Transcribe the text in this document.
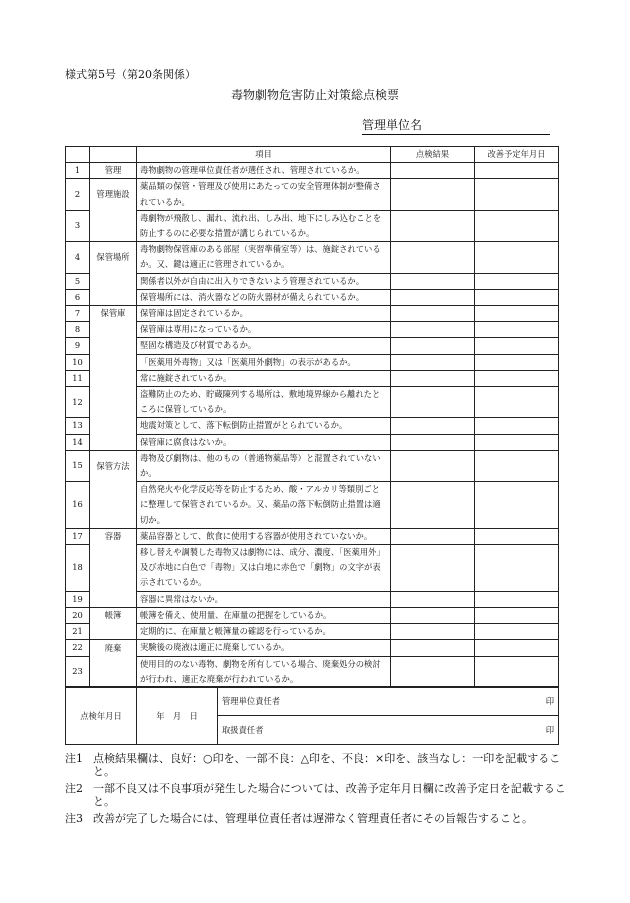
様式第5号（第20条関係）
毒物劇物危害防止対策総点検票
管理単位名
		項目	点検結果	改善予定年月日
1	管理	毒物劇物の管理単位責任者が選任され、管理されているか。		
2	管理施設	薬品類の保管・管理及び使用にあたっての安全管理体制が整備されているか。		
3		毒劇物が飛散し、漏れ、流れ出、しみ出、地下にしみ込むことを防止するのに必要な措置が講じられているか。		
4	保管場所	毒物劇物保管庫のある部屋（実習準備室等）は、施錠されているか。又、鍵は適正に管理されているか。		
5		関係者以外が自由に出入りできないよう管理されているか。		
6		保管場所には、消火器などの防火器材が備えられているか。		
7	保管庫	保管庫は固定されているか。		
8		保管庫は専用になっているか。		
9		堅固な構造及び材質であるか。		
10		「医薬用外毒物」又は「医薬用外劇物」の表示があるか。		
11		常に施錠されているか。		
12		盗難防止のため、貯蔵陳列する場所は、敷地境界線から離れたところに保管しているか。		
13		地震対策として、落下転倒防止措置がとられているか。		
14		保管庫に腐食はないか。		
15	保管方法	毒物及び劇物は、他のもの（普通物薬品等）と混置されていないか。		
16		自然発火や化学反応等を防止するため、酸・アルカリ等類別ごとに整理して保管されているか。又、薬品の落下転倒防止措置は適切か。		
17	容器	薬品容器として、飲食に使用する容器が使用されていないか。		
18		移し替えや調製した毒物又は劇物には、成分、濃度、「医薬用外」及び赤地に白色で「毒物」又は白地に赤色で「劇物」の文字が表示されているか。		
19		容器に異常はないか。		
20	帳簿	帳簿を備え、使用量、在庫量の把握をしているか。		
21		定期的に、在庫量と帳簿量の確認を行っているか。		
22	廃棄	実験後の廃液は適正に廃棄しているか。		
23		使用目的のない毒物、劇物を所有している場合、廃棄処分の検討が行われ、適正な廃棄が行われているか。		
点検年月日	年　月　日	
管理単位責任者	印

取扱責任者	印
注1 点検結果欄は、良好：○印を、一部不良：△印を、不良：×印を、該当なし：一印を記載すること。
注2 一部不良又は不良事項が発生した場合については、改善予定年月日欄に改善予定日を記載すること。
注3 改善が完了した場合には、管理単位責任者は遅滞なく管理責任者にその旨報告すること。
